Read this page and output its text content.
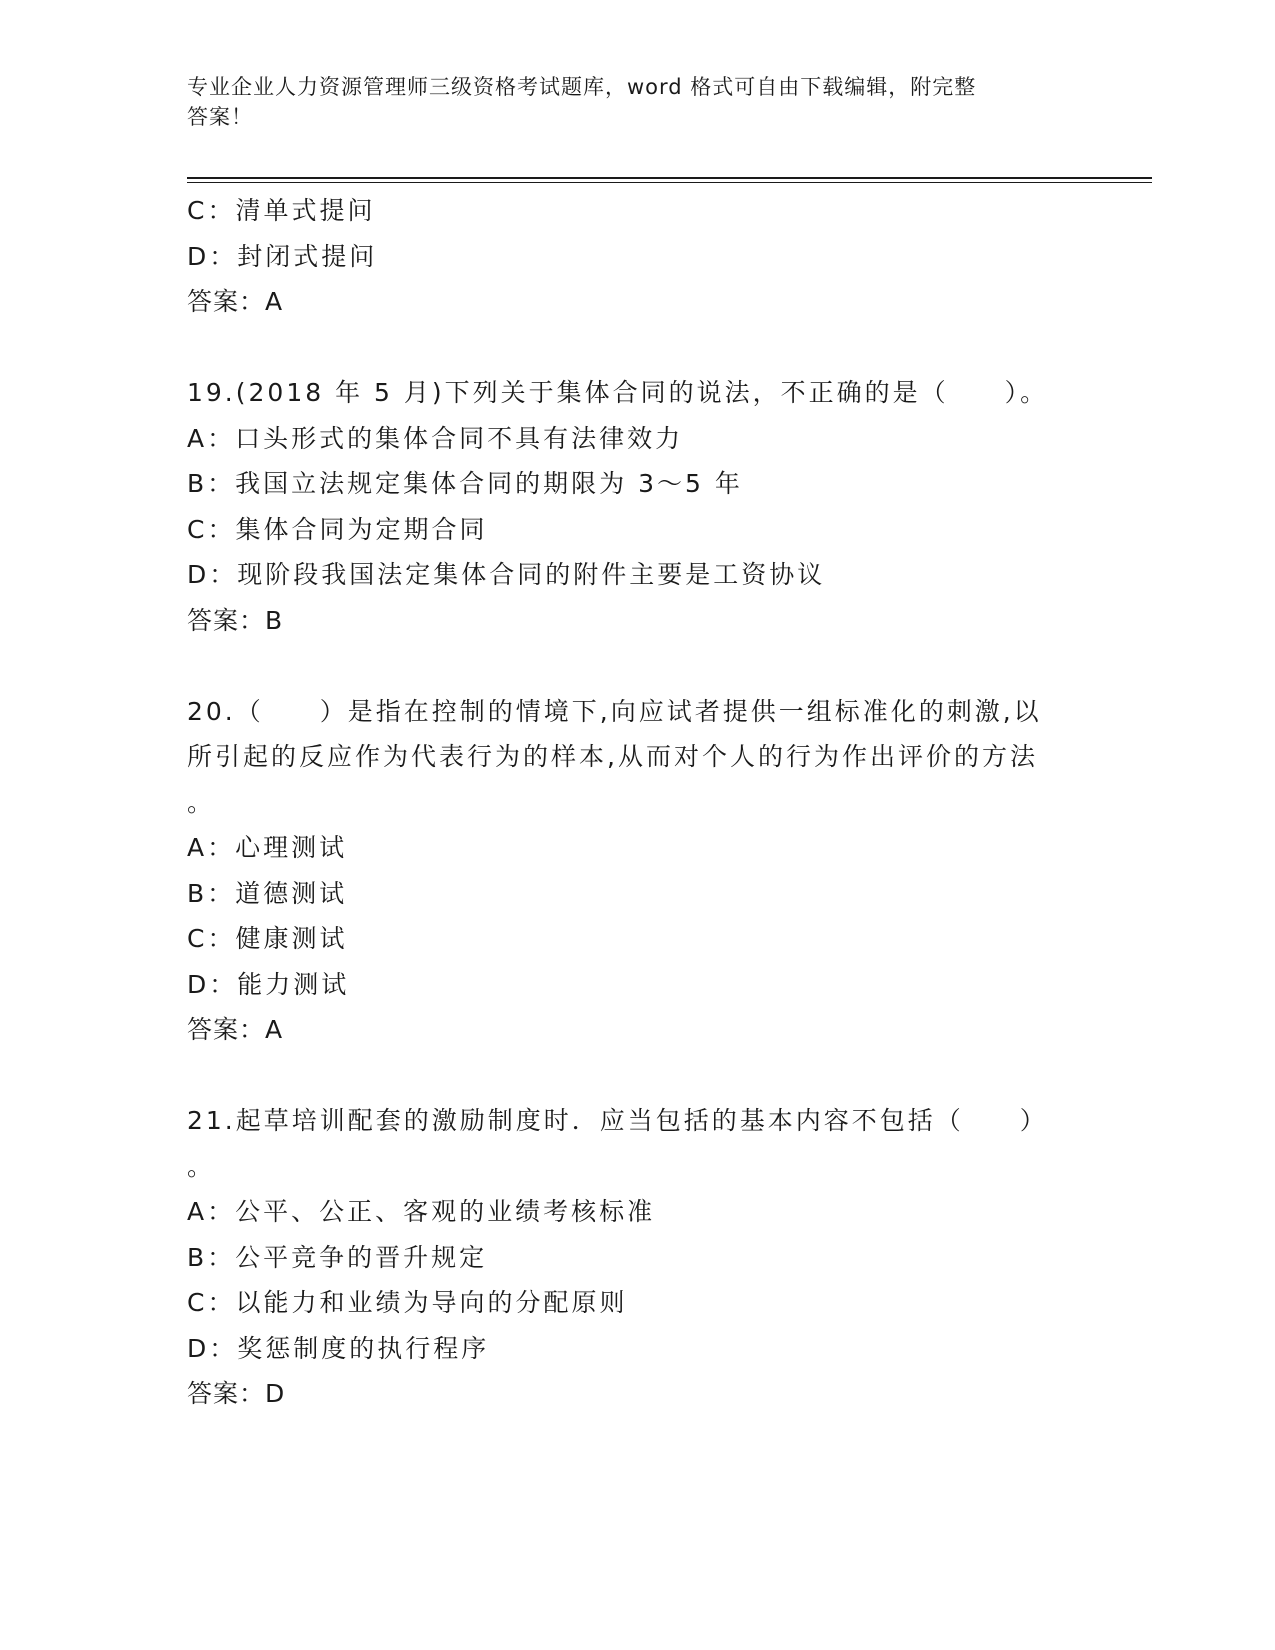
专业企业人力资源管理师三级资格考试题库，word 格式可自由下载编辑，附完整
答案！
C：清单式提问
D：封闭式提问
答案：A
19.(2018 年 5 月)下列关于集体合同的说法，不正确的是（　　）。
A：口头形式的集体合同不具有法律效力
B：我国立法规定集体合同的期限为 3～5 年
C：集体合同为定期合同
D：现阶段我国法定集体合同的附件主要是工资协议
答案：B
20.（　　）是指在控制的情境下,向应试者提供一组标准化的刺激,以
所引起的反应作为代表行为的样本,从而对个人的行为作出评价的方法
。
A：心理测试
B：道德测试
C：健康测试
D：能力测试
答案：A
21.起草培训配套的激励制度时．应当包括的基本内容不包括（　　）
。
A：公平、公正、客观的业绩考核标准
B：公平竞争的晋升规定
C：以能力和业绩为导向的分配原则
D：奖惩制度的执行程序
答案：D
